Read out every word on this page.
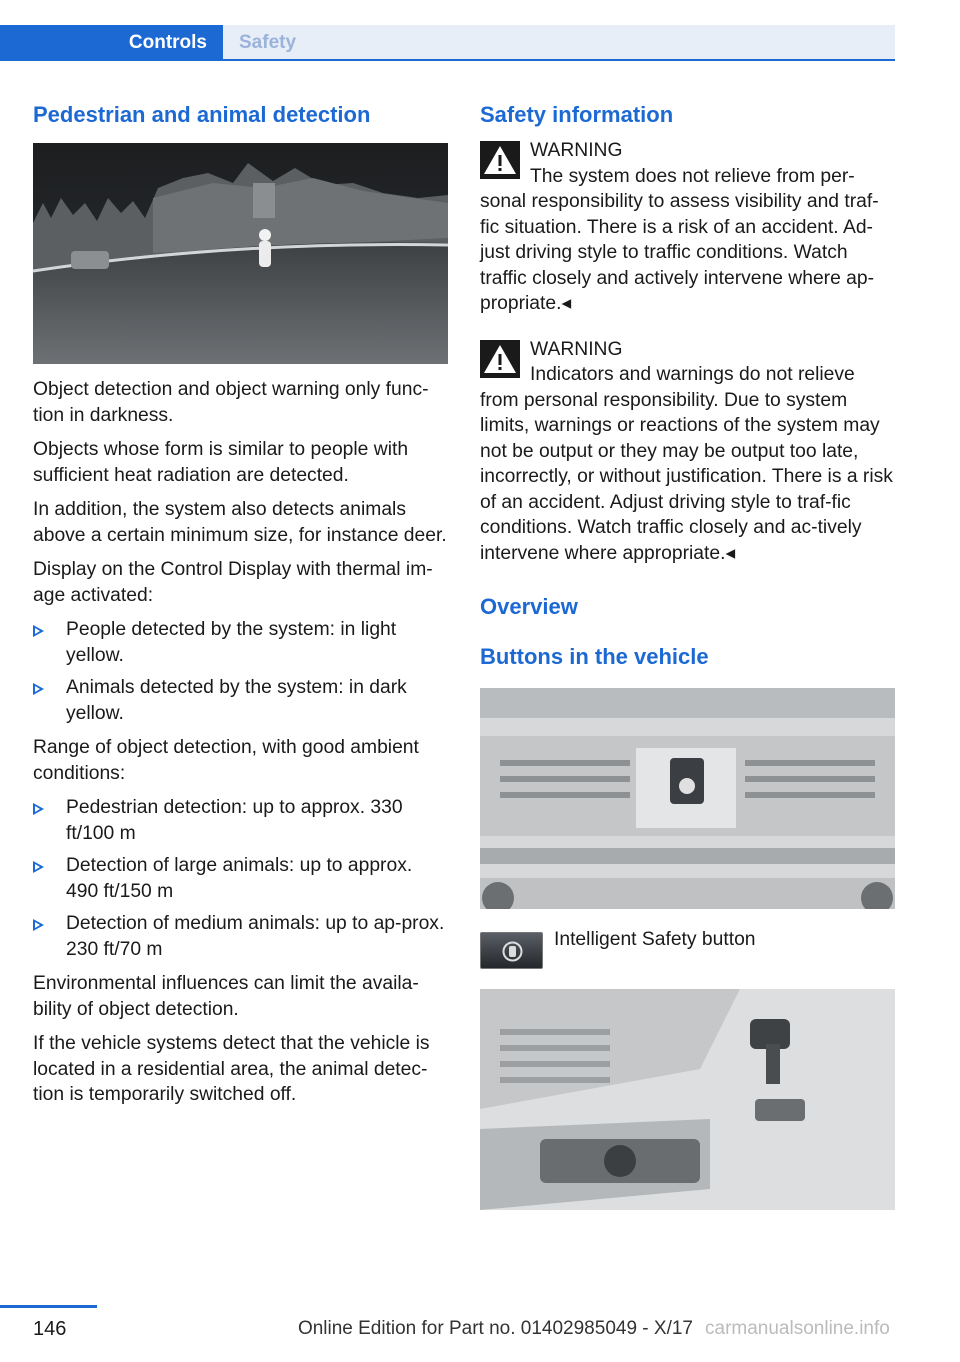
Controls	Safety
Pedestrian and animal detection

Object detection and object warning only func-tion in darkness.

Objects whose form is similar to people with sufficient heat radiation are detected.

In addition, the system also detects animals above a certain minimum size, for instance deer.

Display on the Control Display with thermal im-age activated:

People detected by the system: in light yellow.
Animals detected by the system: in dark yellow.

Range of object detection, with good ambient conditions:

Pedestrian detection: up to approx. 330 ft/100 m
Detection of large animals: up to approx. 490 ft/150 m
Detection of medium animals: up to ap-prox. 230 ft/70 m

Environmental influences can limit the availa-bility of object detection.

If the vehicle systems detect that the vehicle is located in a residential area, the animal detec-tion is temporarily switched off.

Safety information
WARNING
The system does not relieve from per-
sonal responsibility to assess visibility and traf-fic situation. There is a risk of an accident. Ad-just driving style to traffic conditions. Watch traffic closely and actively intervene where ap-propriate.◂
WARNING
Indicators and warnings do not relieve
from personal responsibility. Due to system limits, warnings or reactions of the system may not be output or they may be output too late, incorrectly, or without justification. There is a risk of an accident. Adjust driving style to traf-fic conditions. Watch traffic closely and ac-tively intervene where appropriate.◂
Overview
Buttons in the vehicle
Intelligent Safety button
146	Online Edition for Part no. 01402985049 - X/17 carmanualsonline.info
